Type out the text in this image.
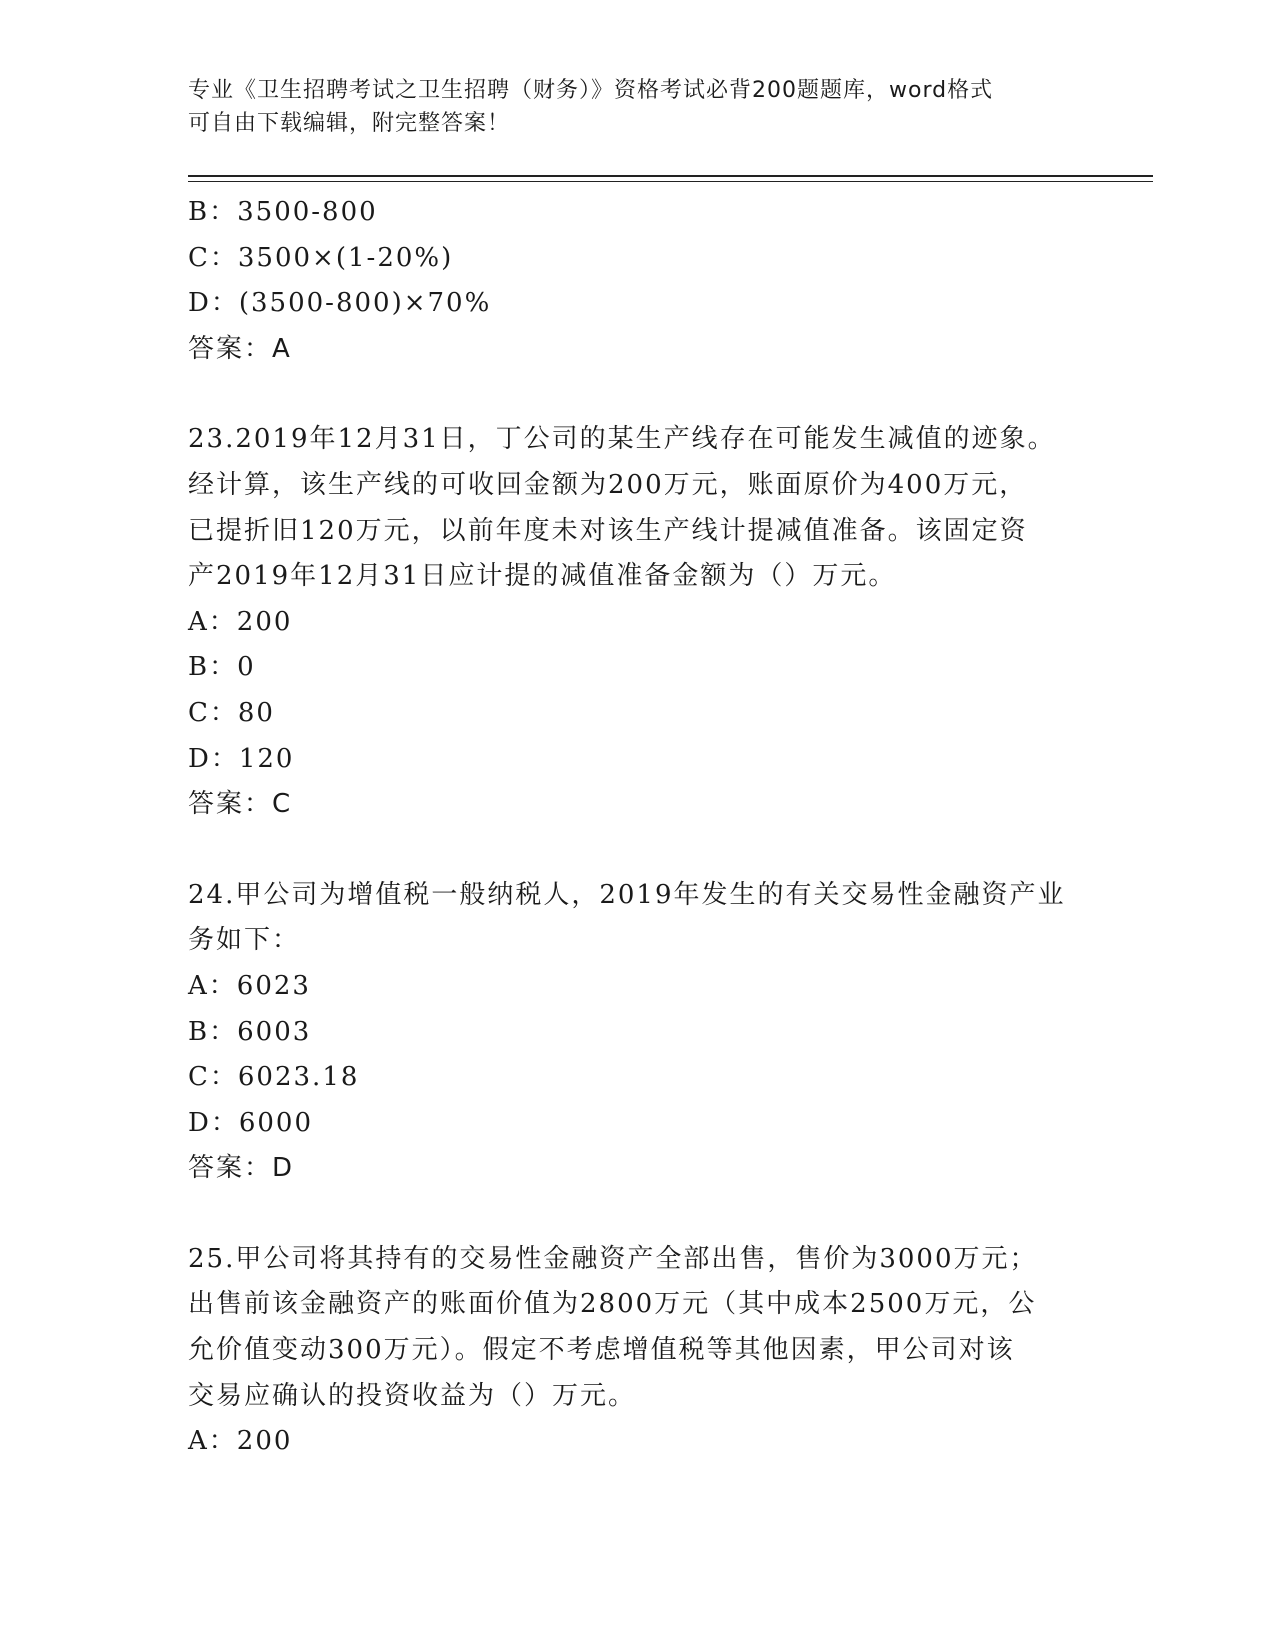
专业《卫生招聘考试之卫生招聘（财务）》资格考试必背200题题库，word格式
可自由下载编辑，附完整答案！
B：3500-800
C：3500×(1-20%)
D：(3500-800)×70%
答案：A
23.2019年12月31日，丁公司的某生产线存在可能发生减值的迹象。
经计算，该生产线的可收回金额为200万元，账面原价为400万元，
已提折旧120万元，以前年度未对该生产线计提减值准备。该固定资
产2019年12月31日应计提的减值准备金额为（）万元。
A：200
B：0
C：80
D：120
答案：C
24.甲公司为增值税一般纳税人，2019年发生的有关交易性金融资产业
务如下：
A：6023
B：6003
C：6023.18
D：6000
答案：D
25.甲公司将其持有的交易性金融资产全部出售，售价为3000万元；
出售前该金融资产的账面价值为2800万元（其中成本2500万元，公
允价值变动300万元）。假定不考虑增值税等其他因素，甲公司对该
交易应确认的投资收益为（）万元。
A：200
